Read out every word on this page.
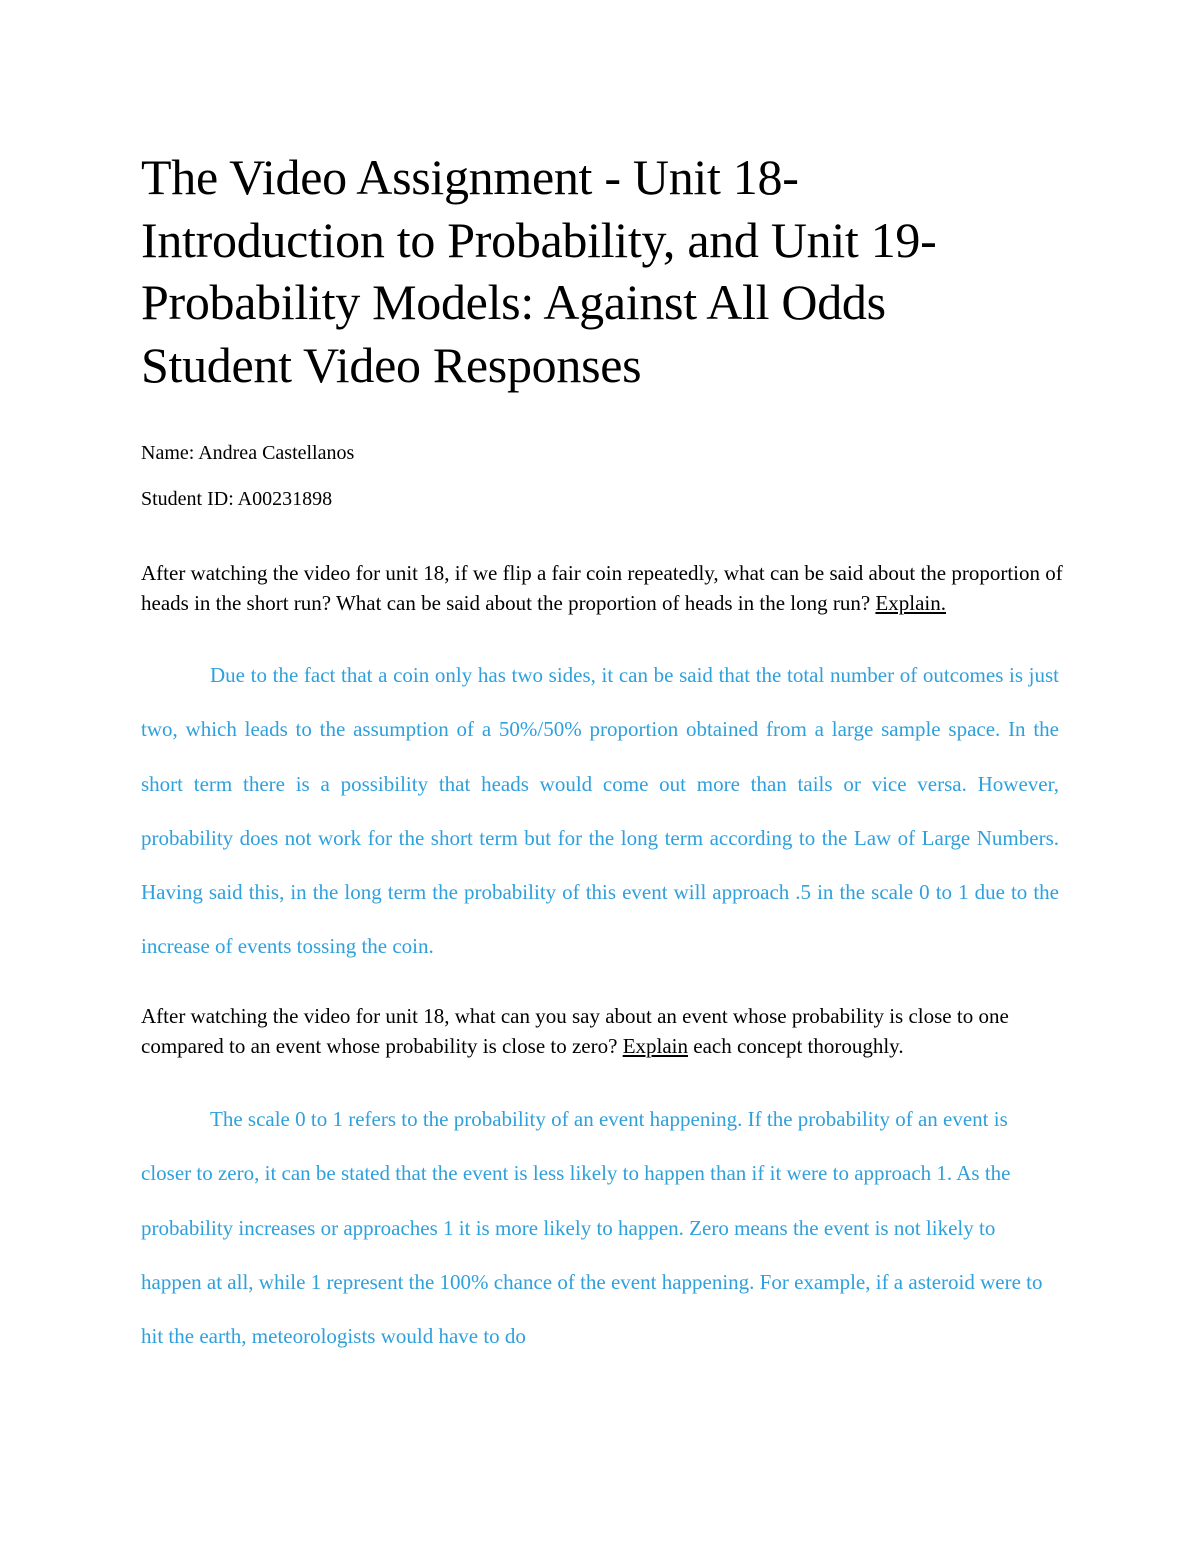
The Video Assignment - Unit 18- Introduction to Probability, and Unit 19- Probability Models: Against All Odds Student Video Responses

Name: Andrea Castellanos

Student ID: A00231898

After watching the video for unit 18, if we flip a fair coin repeatedly, what can be said about the proportion of heads in the short run? What can be said about the proportion of heads in the long run? Explain.

Due to the fact that a coin only has two sides, it can be said that the total number of outcomes is just two, which leads to the assumption of a 50%/50% proportion obtained from a large sample space. In the short term there is a possibility that heads would come out more than tails or vice versa. However, probability does not work for the short term but for the long term according to the Law of Large Numbers. Having said this, in the long term the probability of this event will approach .5 in the scale 0 to 1 due to the increase of events tossing the coin.

After watching the video for unit 18, what can you say about an event whose probability is close to one compared to an event whose probability is close to zero? Explain each concept thoroughly.

The scale 0 to 1 refers to the probability of an event happening. If the probability of an event is closer to zero, it can be stated that the event is less likely to happen than if it were to approach 1. As the probability increases or approaches 1 it is more likely to happen. Zero means the event is not likely to happen at all, while 1 represent the 100% chance of the event happening. For example, if a asteroid were to hit the earth, meteorologists would have to do
